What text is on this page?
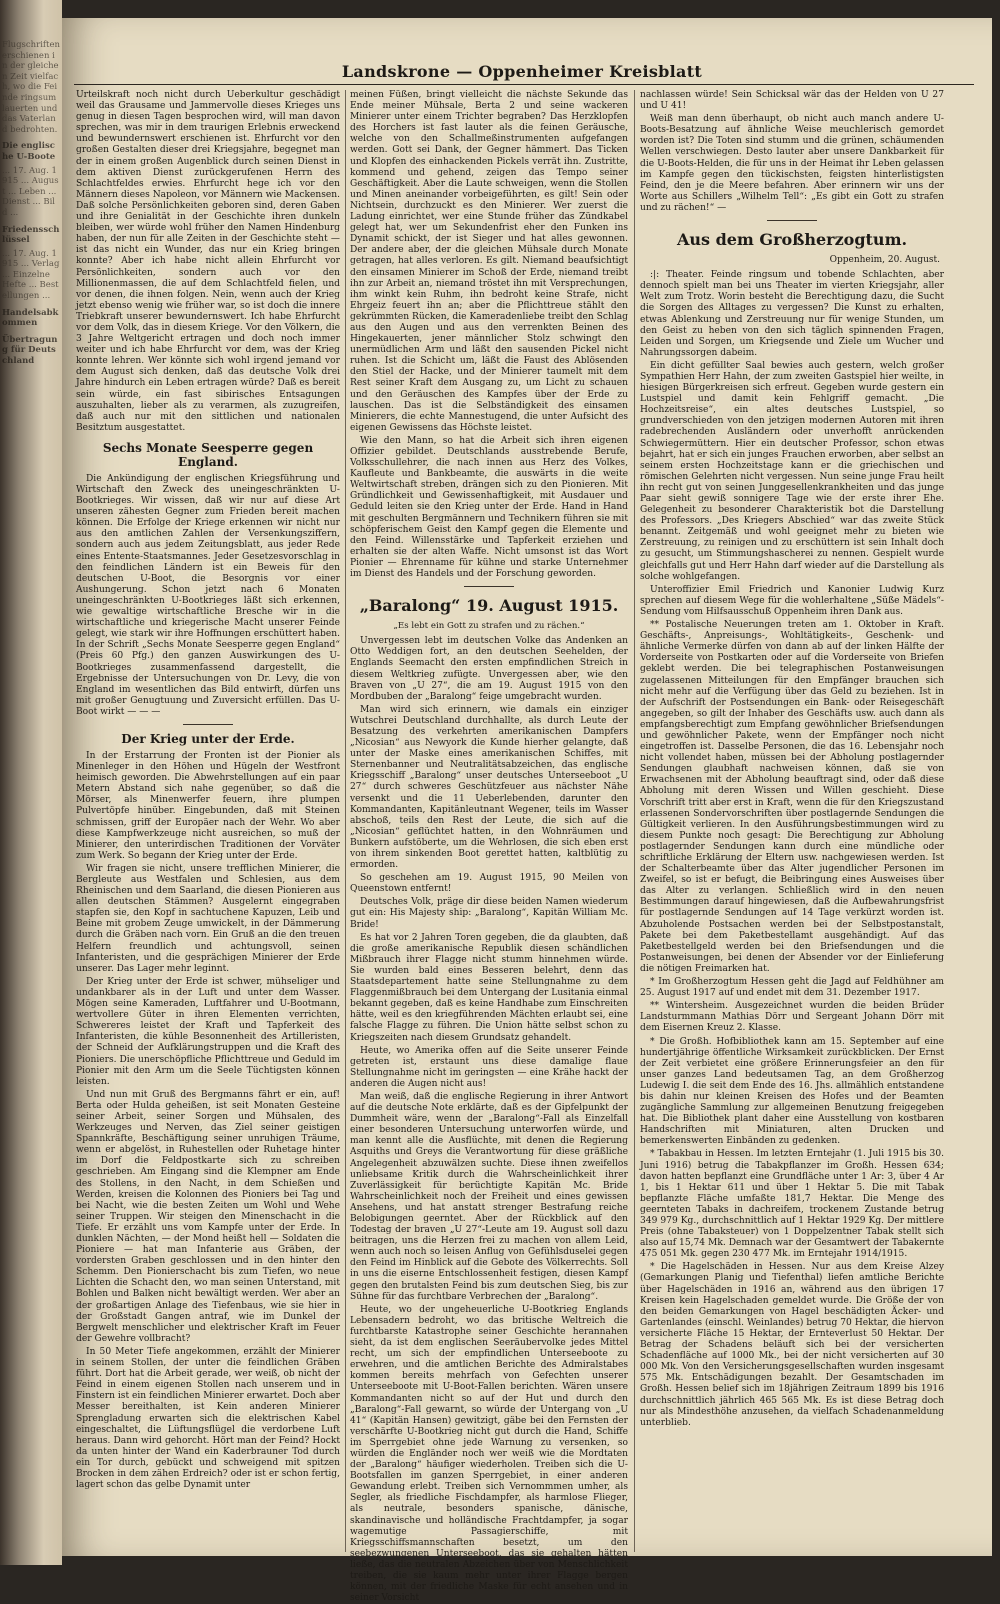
Flugschriften erschienen in der gleichen Zeit vielfach, wo die Feinde ringsum lauerten und das Vaterland bedrohten.
Die englische U-Boote
... 17. Aug. 1915 ... August ... Leben ... Dienst ... Bild ...
Friedensschlüssel
... 17. Aug. 1915 ... Verlag ... Einzelne Hefte ... Bestellungen ...
Handelsabkommen
Übertragung für Deutschland
Landskrone — Oppenheimer Kreisblatt

Urteilskraft noch nicht durch Ueberkultur geschädigt weil das Grausame und Jammervolle dieses Krieges uns genug in diesen Tagen besprochen wird, will man davon sprechen, was mir in dem traurigen Erlebnis erweckend und bewundernswert erschienen ist. Ehrfurcht vor den großen Gestalten dieser drei Kriegsjahre, begegnet man der in einem großen Augenblick durch seinen Dienst in dem aktiven Dienst zurückgerufenen Herrn des Schlachtfeldes erwies. Ehrfurcht hege ich vor den Männern dieses Napoleon, vor Männern wie Mackensen. Daß solche Persönlichkeiten geboren sind, deren Gaben und ihre Genialität in der Geschichte ihren dunkeln bleiben, wer würde wohl früher den Namen Hindenburg haben, der nun für alle Zeiten in der Geschichte steht — ist das nicht ein Wunder, das nur ein Krieg bringen konnte? Aber ich habe nicht allein Ehrfurcht vor Persönlichkeiten, sondern auch vor den Millionenmassen, die auf dem Schlachtfeld fielen, und vor denen, die ihnen folgen. Nein, wenn auch der Krieg jetzt ebenso wenig wie früher war, so ist doch die innere Triebkraft unserer bewundernswert. Ich habe Ehrfurcht vor dem Volk, das in diesem Kriege. Vor den Völkern, die 3 Jahre Weltgericht ertragen und doch noch immer weiter und ich habe Ehrfurcht vor dem, was der Krieg konnte lehren. Wer könnte sich wohl irgend jemand vor dem August sich denken, daß das deutsche Volk drei Jahre hindurch ein Leben ertragen würde? Daß es bereit sein würde, ein fast sibirisches Entsagungen auszuhalten, lieber als zu verarmen, als zuzugreifen, daß auch nur mit den sittlichen und nationalen Besitztum ausgestattet.

Sechs Monate Seesperre gegen England.

Die Ankündigung der englischen Kriegsführung und Wirtschaft den Zweck des uneingeschränkten U-Bootkrieges. Wir wissen, daß wir nur auf diese Art unseren zähesten Gegner zum Frieden bereit machen können. Die Erfolge der Kriege erkennen wir nicht nur aus den amtlichen Zahlen der Versenkungsziffern, sondern auch aus jedem Zeitungsblatt, aus jeder Rede eines Entente-Staatsmannes. Jeder Gesetzesvorschlag in den feindlichen Ländern ist ein Beweis für den deutschen U-Boot, die Besorgnis vor einer Aushungerung. Schon jetzt nach 6 Monaten uneingeschränkten U-Bootkrieges läßt sich erkennen, wie gewaltige wirtschaftliche Bresche wir in die wirtschaftliche und kriegerische Macht unserer Feinde gelegt, wie stark wir ihre Hoffnungen erschüttert haben. In der Schrift „Sechs Monate Seesperre gegen England“ (Preis 60 Pfg.) den ganzen Auswirkungen des U-Bootkrieges zusammenfassend dargestellt, die Ergebnisse der Untersuchungen von Dr. Levy, die von England im wesentlichen das Bild entwirft, dürfen uns mit großer Genugtuung und Zuversicht erfüllen. Das U-Boot wirkt — — —

Der Krieg unter der Erde.

In der Erstarrung der Fronten ist der Pionier als Minenleger in den Höhen und Hügeln der Westfront heimisch geworden. Die Abwehrstellungen auf ein paar Metern Abstand sich nahe gegenüber, so daß die Mörser, als Minenwerfer feuern, ihre plumpen Pulvertöpfe hinüber. Eingebunden, daß mit Steinen schmissen, griff der Europäer nach der Wehr. Wo aber diese Kampfwerkzeuge nicht ausreichen, so muß der Minierer, den unterirdischen Traditionen der Vorväter zum Werk. So begann der Krieg unter der Erde.

Wir fragen sie nicht, unsere trefflichen Minierer, die Bergleute aus Westfalen und Schlesien, aus dem Rheinischen und dem Saarland, die diesen Pionieren aus allen deutschen Stämmen? Ausgelernt eingegraben stapfen sie, den Kopf in sachtuchene Kapuzen, Leib und Beine mit grobem Zeuge umwickelt, in der Dämmerung durch die Gräben nach vorn. Ein Gruß an die den treuen Helfern freundlich und achtungsvoll, seinen Infanteristen, und die gesprächigen Minierer der Erde unserer. Das Lager mehr leginnt.

Der Krieg unter der Erde ist schwer, mühseliger und undankbarer als in der Luft und unter dem Wasser. Mögen seine Kameraden, Luftfahrer und U-Bootmann, wertvollere Güter in ihren Elementen verrichten, Schwereres leistet der Kraft und Tapferkeit des Infanteristen, die kühle Besonnenheit des Artilleristen, der Schneid der Aufklärungstruppen und die Kraft des Pioniers. Die unerschöpfliche Pflichttreue und Geduld im Pionier mit den Arm um die Seele Tüchtigsten können leisten.

Und nun mit Gruß des Bergmanns fährt er ein, auf! Berta oder Hulda geheißen, ist seit Monaten Gesteine seiner Arbeit, seiner Sorgen und Mühsalen, des Werkzeuges und Nerven, das Ziel seiner geistigen Spannkräfte, Beschäftigung seiner unruhigen Träume, wenn er abgelöst, in Ruhestellen oder Ruhetage hinter im Dorf die Feldpostkarte sich zu schreiben geschrieben. Am Eingang sind die Klempner am Ende des Stollens, in den Nacht, in dem Schießen und Werden, kreisen die Kolonnen des Pioniers bei Tag und bei Nacht, wie die besten Zeiten um Wohl und Wehe seiner Truppen. Wir steigen den Minenschacht in die Tiefe. Er erzählt uns vom Kampfe unter der Erde. In dunklen Nächten, — der Mond heißt hell — Soldaten die Pioniere — hat man Infanterie aus Gräben, der vordersten Graben geschlossen und in den hinter den Schemm. Den Pionierschacht bis zum Tiefen, wo neue Lichten die Schacht den, wo man seinen Unterstand, mit Bohlen und Balken nicht bewältigt werden. Wer aber an der großartigen Anlage des Tiefenbaus, wie sie hier in der Großstadt Gangen antraf, wie im Dunkel der Bergwelt menschlicher und elektrischer Kraft im Feuer der Gewehre vollbracht?

In 50 Meter Tiefe angekommen, erzählt der Minierer in seinem Stollen, der unter die feindlichen Gräben führt. Dort hat die Arbeit gerade, wer weiß, ob nicht der Feind in einem eigenen Stollen nach unserem und in Finstern ist ein feindlichen Minierer erwartet. Doch aber Messer bereithalten, ist Kein anderen Minierer Sprengladung erwarten sich die elektrischen Kabel eingeschaltet, die Lüftungsflügel die verdorbene Luft heraus. Dann wird gehorcht. Hört man der Feind? Hockt da unten hinter der Wand ein Kaderbrauner Tod durch ein Tor durch, gebückt und schweigend mit spitzen Brocken in dem zähen Erdreich? oder ist er schon fertig, lagert schon das gelbe Dynamit unter

meinen Füßen, bringt vielleicht die nächste Sekunde das Ende meiner Mühsale, Berta 2 und seine wackeren Minierer unter einem Trichter begraben? Das Herzklopfen des Horchers ist fast lauter als die feinen Geräusche, welche von den Schallmeßinstrumenten aufgefangen werden. Gott sei Dank, der Gegner hämmert. Das Ticken und Klopfen des einhackenden Pickels verrät ihn. Zustritte, kommend und gehend, zeigen das Tempo seiner Geschäftigkeit. Aber die Laute schweigen, wenn die Stollen und Minen aneinander vorbeigeführten, es gilt! Sein oder Nichtsein, durchzuckt es den Minierer. Wer zuerst die Ladung einrichtet, wer eine Stunde früher das Zündkabel gelegt hat, wer um Sekundenfrist eher den Funken ins Dynamit schickt, der ist Sieger und hat alles gewonnen. Der andere aber, der die gleichen Mühsale durch Monate getragen, hat alles verloren. Es gilt. Niemand beaufsichtigt den einsamen Minierer im Schoß der Erde, niemand treibt ihn zur Arbeit an, niemand tröstet ihn mit Versprechungen, ihm winkt kein Ruhm, ihn bedroht keine Strafe, nicht Ehrgeiz feuert ihn an; aber die Pflichttreue stählt den gekrümmten Rücken, die Kameradenliebe treibt den Schlag aus den Augen und aus den verrenkten Beinen des Hingekauerten, jener männlicher Stolz schwingt den unermüdlichen Arm und läßt den sausenden Pickel nicht ruhen. Ist die Schicht um, läßt die Faust des Ablösenden den Stiel der Hacke, und der Minierer taumelt mit dem Rest seiner Kraft dem Ausgang zu, um Licht zu schauen und den Geräuschen des Kampfes über der Erde zu lauschen. Das ist die Selbständigkeit des einsamen Minierers, die echte Mannestugend, die unter Aufsicht des eigenen Gewissens das Höchste leistet.

Wie den Mann, so hat die Arbeit sich ihren eigenen Offizier gebildet. Deutschlands ausstrebende Berufe, Volksschullehrer, die nach innen aus Herz des Volkes, Kaufleute und Bankbeamte, die auswärts in die weite Weltwirtschaft streben, drängen sich zu den Pionieren. Mit Gründlichkeit und Gewissenhaftigkeit, mit Ausdauer und Geduld leiten sie den Krieg unter der Erde. Hand in Hand mit geschulten Bergmännern und Technikern führen sie mit schöpferischem Geist den Kampf gegen die Elemente und den Feind. Willensstärke und Tapferkeit erziehen und erhalten sie der alten Waffe. Nicht umsonst ist das Wort Pionier — Ehrenname für kühne und starke Unternehmer im Dienst des Handels und der Forschung geworden.

„Baralong“ 19. August 1915.
„Es lebt ein Gott zu strafen und zu rächen.“

Unvergessen lebt im deutschen Volke das Andenken an Otto Weddigen fort, an den deutschen Seehelden, der Englands Seemacht den ersten empfindlichen Streich in diesem Weltkrieg zufügte. Unvergessen aber, wie den Braven von „U 27“, die am 19. August 1915 von den Mordbuben der „Baralong“ feige umgebracht wurden.

Man wird sich erinnern, wie damals ein einziger Wutschrei Deutschland durchhallte, als durch Leute der Besatzung des verkehrten amerikanischen Dampfers „Nicosian“ aus Newyork die Kunde hierher gelangte, daß unter der Maske eines amerikanischen Schiffes, mit Sternenbanner und Neutralitätsabzeichen, das englische Kriegsschiff „Baralong“ unser deutsches Unterseeboot „U 27“ durch schweres Geschützfeuer aus nächster Nähe versenkt und die 11 Ueberlebenden, darunter den Kommandanten, Kapitänleutnant Wegener, teils im Wasser abschoß, teils den Rest der Leute, die sich auf die „Nicosian“ geflüchtet hatten, in den Wohnräumen und Bunkern aufstöberte, um die Wehrlosen, die sich eben erst von ihrem sinkenden Boot gerettet hatten, kaltblütig zu ermorden.

So geschehen am 19. August 1915, 90 Meilen von Queenstown entfernt!

Deutsches Volk, präge dir diese beiden Namen wiederum gut ein: His Majesty ship: „Baralong“, Kapitän William Mc. Bride!

Es hat vor 2 Jahren Toren gegeben, die da glaubten, daß die große amerikanische Republik diesen schändlichen Mißbrauch ihrer Flagge nicht stumm hinnehmen würde. Sie wurden bald eines Besseren belehrt, denn das Staatsdepartement hatte seine Stellungnahme zu dem Flaggenmißbrauch bei dem Untergang der Lusitania einmal bekannt gegeben, daß es keine Handhabe zum Einschreiten hätte, weil es den kriegführenden Mächten erlaubt sei, eine falsche Flagge zu führen. Die Union hätte selbst schon zu Kriegszeiten nach diesem Grundsatz gehandelt.

Heute, wo Amerika offen auf die Seite unserer Feinde getreten ist, erstaunt uns diese damalige flaue Stellungnahme nicht im geringsten — eine Krähe hackt der anderen die Augen nicht aus!

Man weiß, daß die englische Regierung in ihrer Antwort auf die deutsche Note erklärte, daß es der Gipfelpunkt der Dummheit wäre, wenn der „Baralong“-Fall als Einzelfall einer besonderen Untersuchung unterworfen würde, und man kennt alle die Ausflüchte, mit denen die Regierung Asquiths und Greys die Verantwortung für diese gräßliche Angelegenheit abzuwälzen suchte. Diese ihnen zweifellos unliebsame Kritik durch die Wahrscheinlichkeit ihrer Zuverlässigkeit für berüchtigte Kapitän Mc. Bride Wahrscheinlichkeit noch der Freiheit und eines gewissen Ansehens, und hat anstatt strenger Bestrafung reiche Belobigungen geerntet. Aber der Rückblick auf den Todestag der braven „U 27“-Leute am 19. August soll dazu beitragen, uns die Herzen frei zu machen von allem Leid, wenn auch noch so leisen Anflug von Gefühlsduselei gegen den Feind im Hinblick auf die Gebote des Völkerrechts. Soll in uns die eiserne Entschlossenheit festigen, diesen Kampf gegen den brutalsten Feind bis zum deutschen Sieg, bis zur Sühne für das furchtbare Verbrechen der „Baralong“.

Heute, wo der ungeheuerliche U-Bootkrieg Englands Lebensadern bedroht, wo das britische Weltreich die furchtbarste Katastrophe seiner Geschichte herannahen sieht, da ist dem englischen Seeräubervolke jedes Mittel recht, um sich der empfindlichen Unterseeboote zu erwehren, und die amtlichen Berichte des Admiralstabes kommen bereits mehrfach von Gefechten unserer Unterseeboote mit U-Boot-Fallen berichten. Wären unsere Kommandanten nicht so auf der Hut und durch den „Baralong“-Fall gewarnt, so würde der Untergang von „U 41“ (Kapitän Hansen) gewitzigt, gäbe bei den Fernsten der verschärfte U-Bootkrieg nicht gut durch die Hand, Schiffe im Sperrgebiet ohne jede Warnung zu versenken, so würden die Engländer noch wer weiß wie die Mordtaten der „Baralong“ häufiger wiederholen. Treiben sich die U-Bootsfallen im ganzen Sperrgebiet, in einer anderen Gewandung erlebt. Treiben sich Vernommmen umher, als Segler, als friedliche Fischdampfer, als harmlose Flieger, als neutrale, besonders spanische, dänische, skandinavische und holländische Frachtdampfer, ja sogar wagemutige Passagierschiffe, mit Kriegsschiffsmannschaften besetzt, um den seebezwungenen Unterseeboot, das sie gehalten hätten ließe, das die neutralen Abzeichen über von Menschlichkeit treiben, die sie kaum mehr unter ihrer Flagge bergen können, mit der friedliche Maske für echt ansehen und in seiner Vorsicht

nachlassen würde! Sein Schicksal wär das der Helden von U 27 und U 41!

Weiß man denn überhaupt, ob nicht auch manch andere U-Boots-Besatzung auf ähnliche Weise meuchlerisch gemordet worden ist? Die Toten sind stumm und die grünen, schäumenden Wellen verschwiegen. Desto lauter aber unsere Dankbarkeit für die U-Boots-Helden, die für uns in der Heimat ihr Leben gelassen im Kampfe gegen den tückischsten, feigsten hinterlistigsten Feind, den je die Meere befahren. Aber erinnern wir uns der Worte aus Schillers „Wilhelm Tell“: „Es gibt ein Gott zu strafen und zu rächen!“ —

Aus dem Großherzogtum.
Oppenheim, 20. August.

:|: Theater. Feinde ringsum und tobende Schlachten, aber dennoch spielt man bei uns Theater im vierten Kriegsjahr, aller Welt zum Trotz. Worin besteht die Berechtigung dazu, die Sucht die Sorgen des Alltages zu vergessen? Die Kunst zu erhalten, etwas Ablenkung und Zerstreuung nur für wenige Stunden, um den Geist zu heben von den sich täglich spinnenden Fragen, Leiden und Sorgen, um Kriegsende und Ziele um Wucher und Nahrungssorgen dabeim.

Ein dicht gefüllter Saal bewies auch gestern, welch großer Sympathien Herr Hahn, der zum zweiten Gastspiel hier weilte, in hiesigen Bürgerkreisen sich erfreut. Gegeben wurde gestern ein Lustspiel und damit kein Fehlgriff gemacht. „Die Hochzeitsreise“, ein altes deutsches Lustspiel, so grundverschieden von den jetzigen modernen Autoren mit ihren radebrechenden Ausländern oder unverhofft anrückenden Schwiegermüttern. Hier ein deutscher Professor, schon etwas bejahrt, hat er sich ein junges Frauchen erworben, aber selbst an seinem ersten Hochzeitstage kann er die griechischen und römischen Gelehrten nicht vergessen. Nun seine junge Frau heilt ihn recht gut von seinen Junggesellenkrankheiten und das junge Paar sieht gewiß sonnigere Tage wie der erste ihrer Ehe. Gelegenheit zu besonderer Charakteristik bot die Darstellung des Professors. „Des Kriegers Abschied“ war das zweite Stück benannt. Zeitgemäß und wohl geeignet mehr zu bieten wie Zerstreuung, zu reinigen und zu erschüttern ist sein Inhalt doch zu gesucht, um Stimmungshascherei zu nennen. Gespielt wurde gleichfalls gut und Herr Hahn darf wieder auf die Darstellung als solche wohlgefangen.

Unteroffizier Emil Friedrich und Kanonier Ludwig Kurz sprechen auf diesem Wege für die wohlerhaltene „Süße Mädels“-Sendung vom Hilfsausschuß Oppenheim ihren Dank aus.

** Postalische Neuerungen treten am 1. Oktober in Kraft. Geschäfts-, Anpreisungs-, Wohltätigkeits-, Geschenk- und ähnliche Vermerke dürfen von dann ab auf der linken Hälfte der Vorderseite von Postkarten oder auf die Vorderseite von Briefen geklebt werden. Die bei telegraphischen Postanweisungen zugelassenen Mitteilungen für den Empfänger brauchen sich nicht mehr auf die Verfügung über das Geld zu beziehen. Ist in der Aufschrift der Postsendungen ein Bank- oder Reisegeschäft angegeben, so gilt der Inhaber des Geschäfts usw. auch dann als empfangsberechtigt zum Empfang gewöhnlicher Briefsendungen und gewöhnlicher Pakete, wenn der Empfänger noch nicht eingetroffen ist. Dasselbe Personen, die das 16. Lebensjahr noch nicht vollendet haben, müssen bei der Abholung postlagernder Sendungen glaubhaft nachweisen können, daß sie von Erwachsenen mit der Abholung beauftragt sind, oder daß diese Abholung mit deren Wissen und Willen geschieht. Diese Vorschrift tritt aber erst in Kraft, wenn die für den Kriegszustand erlassenen Sondervorschriften über postlagernde Sendungen die Gültigkeit verlieren. In den Ausführungsbestimmungen wird zu diesem Punkte noch gesagt: Die Berechtigung zur Abholung postlagernder Sendungen kann durch eine mündliche oder schriftliche Erklärung der Eltern usw. nachgewiesen werden. Ist der Schalterbeamte über das Alter jugendlicher Personen im Zweifel, so ist er befugt, die Beibringung eines Ausweises über das Alter zu verlangen. Schließlich wird in den neuen Bestimmungen darauf hingewiesen, daß die Aufbewahrungsfrist für postlagernde Sendungen auf 14 Tage verkürzt worden ist. Abzuholende Postsachen werden bei der Selbstpostanstalt, Pakete bei dem Paketbestellamt ausgehändigt. Auf das Paketbestellgeld werden bei den Briefsendungen und die Postanweisungen, bei denen der Absender vor der Einlieferung die nötigen Freimarken hat.

* Im Großherzogtum Hessen geht die Jagd auf Feldhühner am 25. August 1917 auf und endet mit dem 31. Dezember 1917.

** Wintersheim. Ausgezeichnet wurden die beiden Brüder Landsturmmann Mathias Dörr und Sergeant Johann Dörr mit dem Eisernen Kreuz 2. Klasse.

* Die Großh. Hofbibliothek kann am 15. September auf eine hundertjährige öffentliche Wirksamkeit zurückblicken. Der Ernst der Zeit verbietet eine größere Erinnerungsfeier an den für unser ganzes Land bedeutsamen Tag, an dem Großherzog Ludewig I. die seit dem Ende des 16. Jhs. allmählich entstandene bis dahin nur kleinen Kreisen des Hofes und der Beamten zugängliche Sammlung zur allgemeinen Benutzung freigegeben hat. Die Bibliothek plant daher eine Ausstellung von kostbaren Handschriften mit Miniaturen, alten Drucken und bemerkenswerten Einbänden zu gedenken.

* Tabakbau in Hessen. Im letzten Erntejahr (1. Juli 1915 bis 30. Juni 1916) betrug die Tabakpflanzer im Großh. Hessen 634; davon hatten bepflanzt eine Grundfläche unter 1 Ar: 3, über 4 Ar 1, bis 1 Hektar 611 und über 1 Hektar 5. Die mit Tabak bepflanzte Fläche umfaßte 181,7 Hektar. Die Menge des geernteten Tabaks in dachreifem, trockenem Zustande betrug 349 979 Kg., durchschnittlich auf 1 Hektar 1929 Kg. Der mittlere Preis (ohne Tabaksteuer) von 1 Doppelzentner Tabak stellt sich also auf 15,74 Mk. Demnach war der Gesamtwert der Tabakernte 475 051 Mk. gegen 230 477 Mk. im Erntejahr 1914/1915.

* Die Hagelschäden in Hessen. Nur aus dem Kreise Alzey (Gemarkungen Planig und Tiefenthal) liefen amtliche Berichte über Hagelschäden in 1916 an, während aus den übrigen 17 Kreisen kein Hagelschaden gemeldet wurde. Die Größe der von den beiden Gemarkungen von Hagel beschädigten Äcker- und Gartenlandes (einschl. Weinlandes) betrug 70 Hektar, die hiervon versicherte Fläche 15 Hektar, der Ernteverlust 50 Hektar. Der Betrag der Schadens beläuft sich bei der versicherten Schadenfläche auf 1000 Mk., bei der nicht versicherten auf 30 000 Mk. Von den Versicherungsgesellschaften wurden insgesamt 575 Mk. Entschädigungen bezahlt. Der Gesamtschaden im Großh. Hessen belief sich im 18jährigen Zeitraum 1899 bis 1916 durchschnittlich jährlich 465 565 Mk. Es ist diese Betrag doch nur als Mindesthöhe anzusehen, da vielfach Schadenanmeldung unterblieb.
